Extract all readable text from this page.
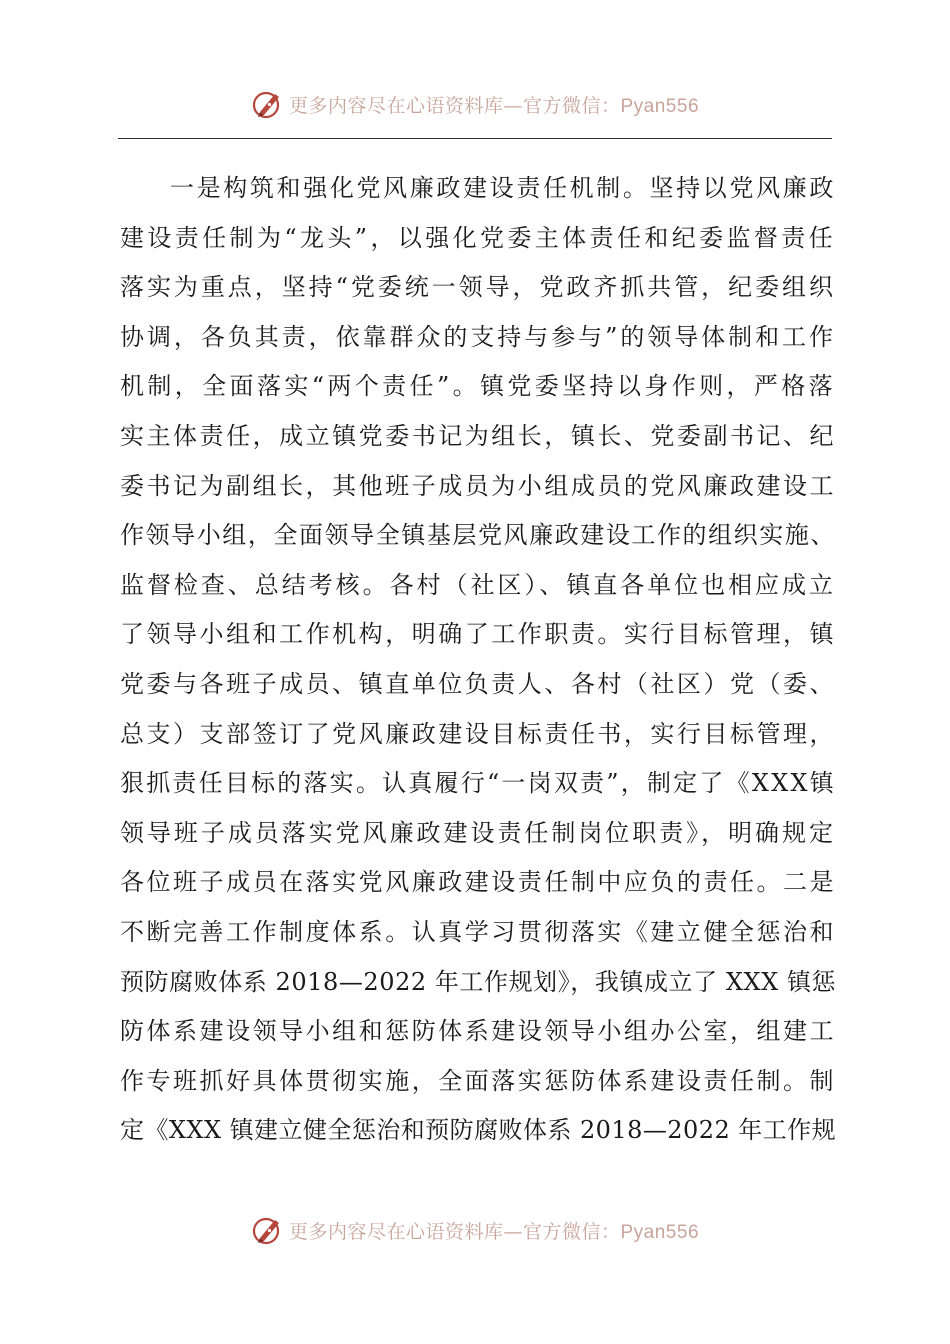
更多内容尽在心语资料库—官方微信：Pyan556
一是构筑和强化党风廉政建设责任机制。坚持以党风廉政
建设责任制为“龙头”，以强化党委主体责任和纪委监督责任
落实为重点，坚持“党委统一领导，党政齐抓共管，纪委组织
协调，各负其责，依靠群众的支持与参与”的领导体制和工作
机制，全面落实“两个责任”。镇党委坚持以身作则，严格落
实主体责任，成立镇党委书记为组长，镇长、党委副书记、纪
委书记为副组长，其他班子成员为小组成员的党风廉政建设工
作领导小组，全面领导全镇基层党风廉政建设工作的组织实施、
监督检查、总结考核。各村（社区）、镇直各单位也相应成立
了领导小组和工作机构，明确了工作职责。实行目标管理，镇
党委与各班子成员、镇直单位负责人、各村（社区）党（委、
总支）支部签订了党风廉政建设目标责任书，实行目标管理，
狠抓责任目标的落实。认真履行“一岗双责”，制定了《XXX镇
领导班子成员落实党风廉政建设责任制岗位职责》，明确规定
各位班子成员在落实党风廉政建设责任制中应负的责任。二是
不断完善工作制度体系。认真学习贯彻落实《建立健全惩治和
预防腐败体系 2018—2022 年工作规划》，我镇成立了 XXX 镇惩
防体系建设领导小组和惩防体系建设领导小组办公室，组建工
作专班抓好具体贯彻实施，全面落实惩防体系建设责任制。制
定《XXX 镇建立健全惩治和预防腐败体系 2018—2022 年工作规
更多内容尽在心语资料库—官方微信：Pyan556
